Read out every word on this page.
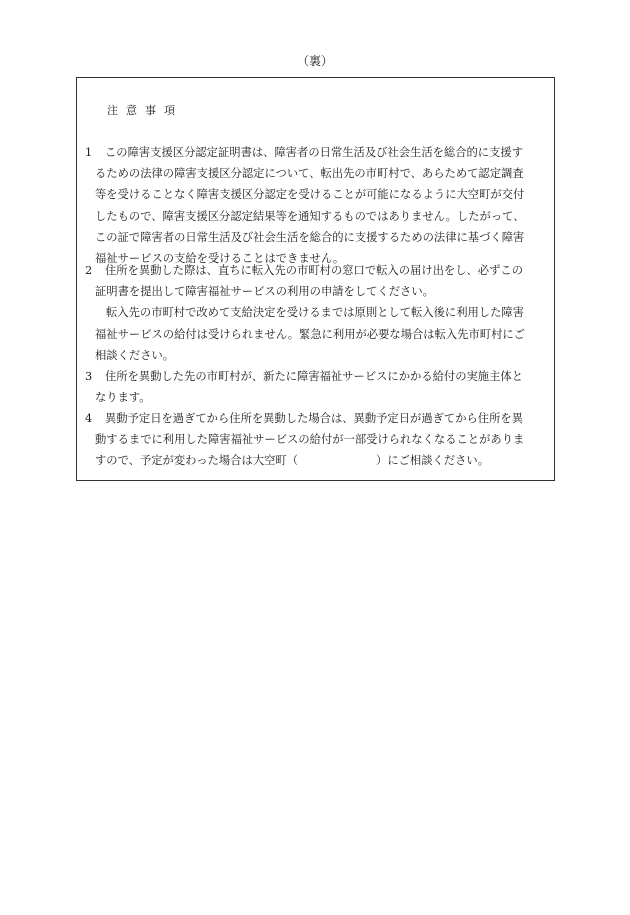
（裏）
注意事項
1 この障害支援区分認定証明書は、障害者の日常生活及び社会生活を総合的に支援す
るための法律の障害支援区分認定について、転出先の市町村で、あらためて認定調査
等を受けることなく障害支援区分認定を受けることが可能になるように大空町が交付
したもので、障害支援区分認定結果等を通知するものではありません。したがって、
この証で障害者の日常生活及び社会生活を総合的に支援するための法律に基づく障害
福祉サービスの支給を受けることはできません。
2 住所を異動した際は、直ちに転入先の市町村の窓口で転入の届け出をし、必ずこの
証明書を提出して障害福祉サービスの利用の申請をしてください。
転入先の市町村で改めて支給決定を受けるまでは原則として転入後に利用した障害
福祉サービスの給付は受けられません。緊急に利用が必要な場合は転入先市町村にご
相談ください。
3 住所を異動した先の市町村が、新たに障害福祉サービスにかかる給付の実施主体と
なります。
4 異動予定日を過ぎてから住所を異動した場合は、異動予定日が過ぎてから住所を異
動するまでに利用した障害福祉サービスの給付が一部受けられなくなることがありま
すので、予定が変わった場合は大空町（	）にご相談ください。
